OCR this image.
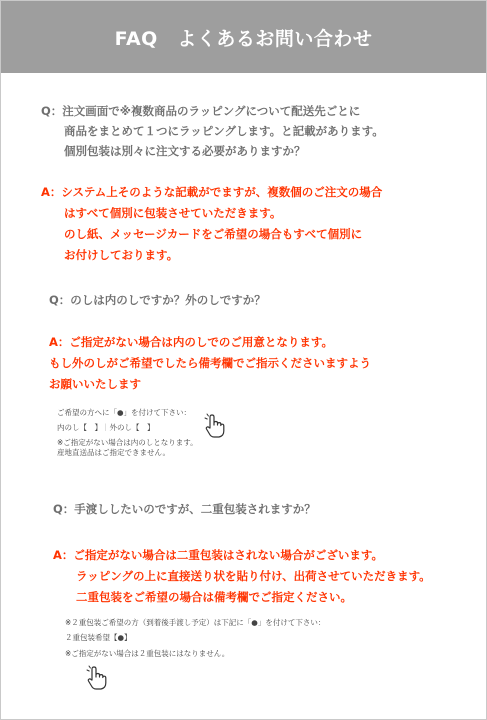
FAQ　よくあるお問い合わせ
Q：注文画面で※複数商品のラッピングについて配送先ごとに
　　商品をまとめて１つにラッピングします。と記載があります。
　　個別包装は別々に注文する必要がありますか？
A：システム上そのような記載がでますが、複数個のご注文の場合
　　はすべて個別に包装させていただきます。
　　のし紙、メッセージカードをご希望の場合もすべて個別に
　　お付けしております。
Q：のしは内のしですか？外のしですか？
A：ご指定がない場合は内のしでのご用意となります。
もし外のしがご希望でしたら備考欄でご指示くださいますよう
お願いいたします
ご希望の方へに「●」を付けて下さい：
内のし【　】｜外のし【　】
※ご指定がない場合は内のしとなります。
産地直送品はご指定できません。
Q：手渡ししたいのですが、二重包装されますか？
A：ご指定がない場合は二重包装はされない場合がございます。
　　ラッピングの上に直接送り状を貼り付け、出荷させていただきます。
　　二重包装をご希望の場合は備考欄でご指定ください。
※２重包装ご希望の方（到着後手渡し予定）は下記に「●」を付けて下さい：
２重包装希望【●】
※ご指定がない場合は２重包装にはなりません。
